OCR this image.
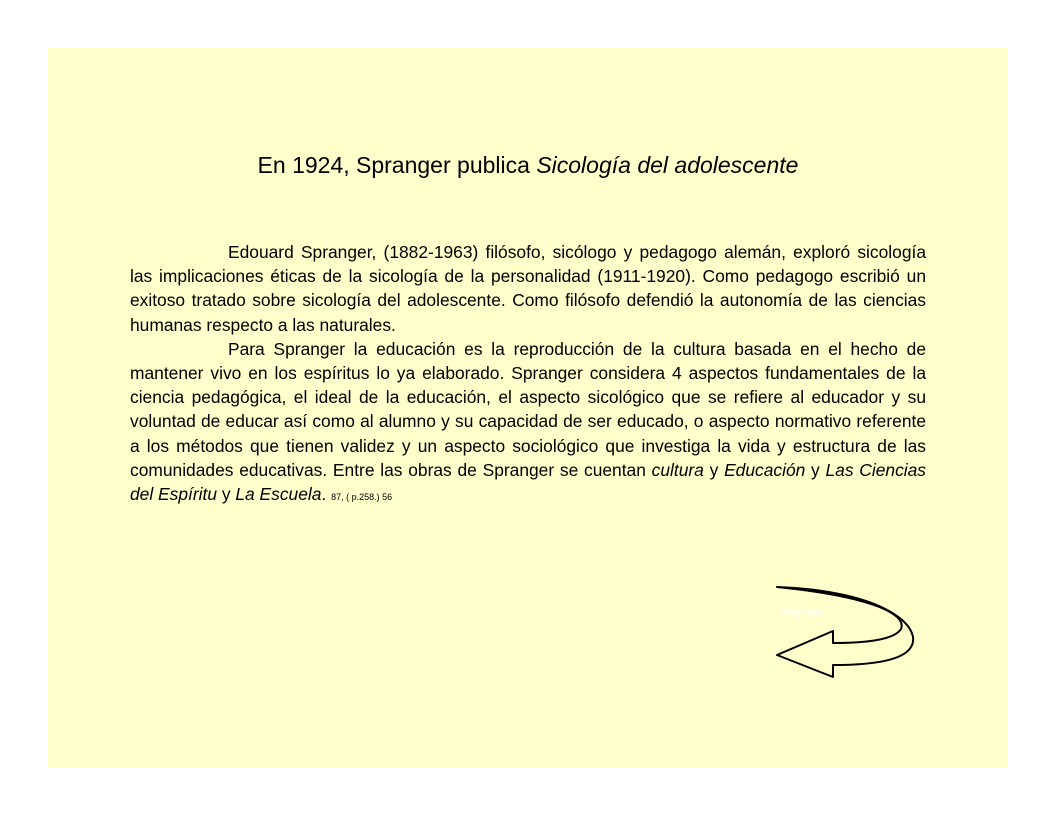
En 1924, Spranger publica Sicología del adolescente

Edouard Spranger, (1882-1963) filósofo, sicólogo y pedagogo alemán, exploró sicología las implicaciones éticas de la sicología de la personalidad (1911-1920). Como pedagogo escribió un exitoso tratado sobre sicología del adolescente. Como filósofo defendió la autonomía de las ciencias humanas respecto a las naturales.

Para Spranger la educación es la reproducción de la cultura basada en el hecho de mantener vivo en los espíritus lo ya elaborado. Spranger considera 4 aspectos fundamentales de la ciencia pedagógica, el ideal de la educación, el aspecto sicológico que se refiere al educador y su voluntad de educar así como al alumno y su capacidad de ser educado, o aspecto normativo referente a los métodos que tienen validez y un aspecto sociológico que investiga la vida y estructura de las comunidades educativas. Entre las obras de Spranger se cuentan cultura y Educación y Las Ciencias del Espíritu y La Escuela. 87, ( p.258.) 56

Regreso
